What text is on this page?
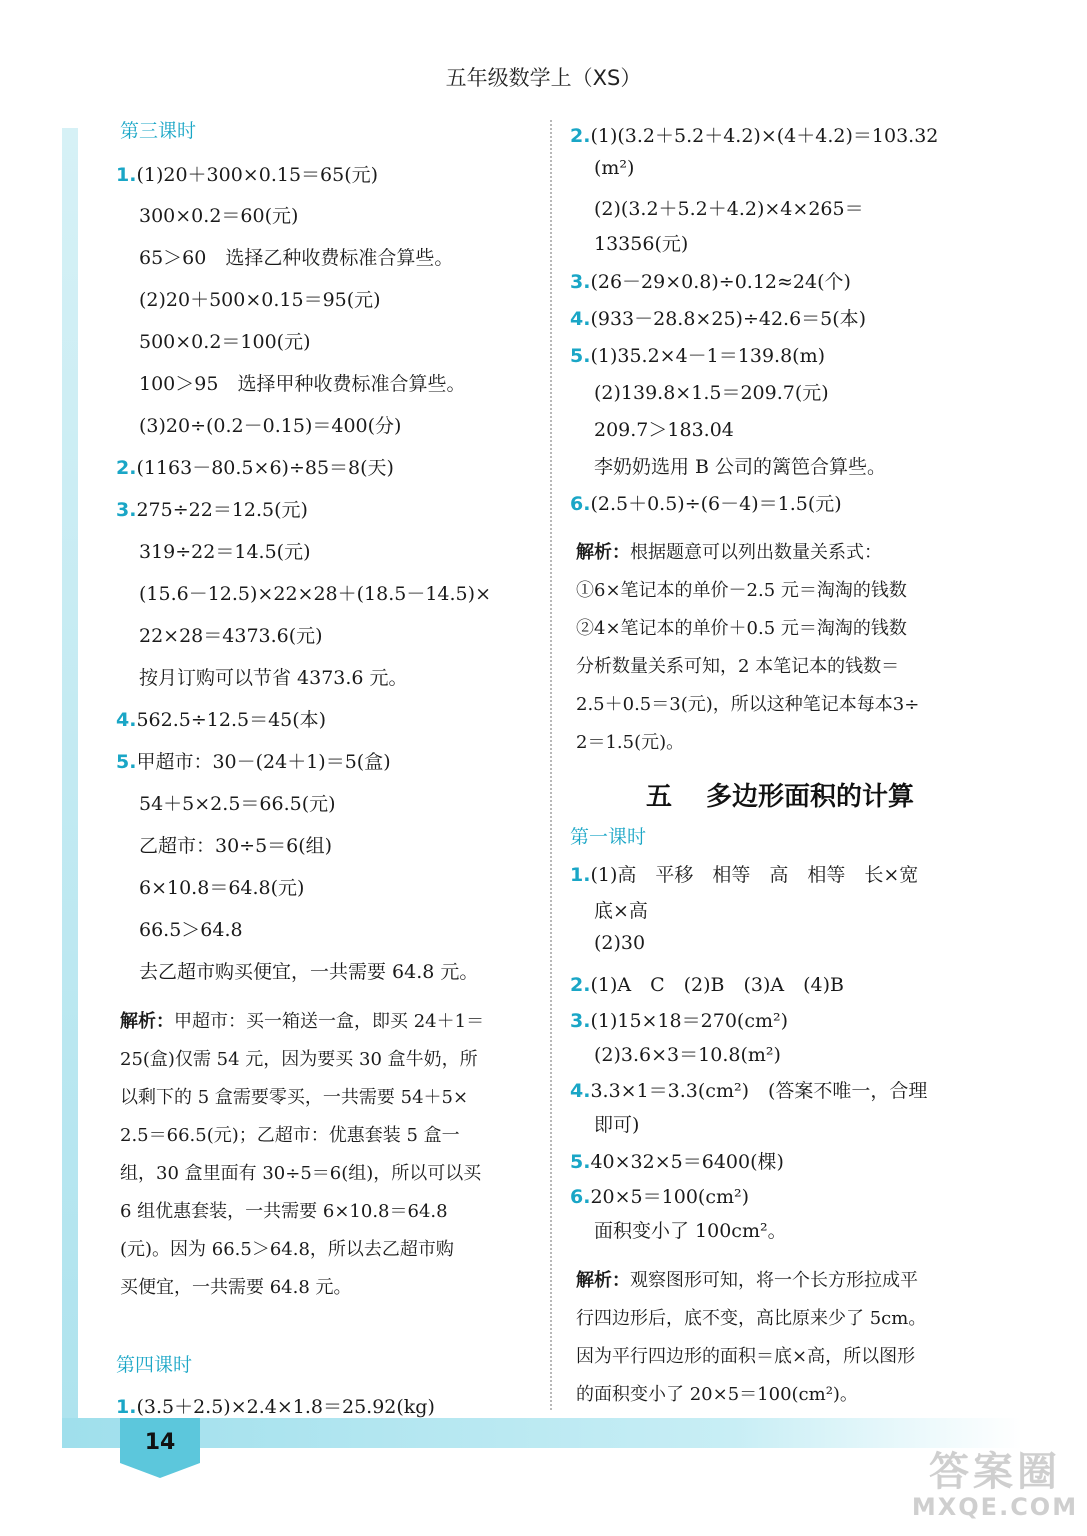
14
答案圈
MXQE.COM
五年级数学上（XS）
第三课时
1.(1)20＋300×0.15＝65(元)
300×0.2＝60(元)
65＞60　选择乙种收费标准合算些。
(2)20＋500×0.15＝95(元)
500×0.2＝100(元)
100＞95　选择甲种收费标准合算些。
(3)20÷(0.2－0.15)＝400(分)
2.(1163－80.5×6)÷85＝8(天)
3.275÷22＝12.5(元)
319÷22＝14.5(元)
(15.6－12.5)×22×28＋(18.5－14.5)×
22×28＝4373.6(元)
按月订购可以节省 4373.6 元。
4.562.5÷12.5＝45(本)
5.甲超市：30－(24＋1)＝5(盒)
54＋5×2.5＝66.5(元)
乙超市：30÷5＝6(组)
6×10.8＝64.8(元)
66.5＞64.8
去乙超市购买便宜，一共需要 64.8 元。
解析：甲超市：买一箱送一盒，即买 24＋1＝
25(盒)仅需 54 元，因为要买 30 盒牛奶，所
以剩下的 5 盒需要零买，一共需要 54＋5×
2.5＝66.5(元)；乙超市：优惠套装 5 盒一
组，30 盒里面有 30÷5＝6(组)，所以可以买
6 组优惠套装，一共需要 6×10.8＝64.8
(元)。因为 66.5＞64.8，所以去乙超市购
买便宜，一共需要 64.8 元。
第四课时
1.(3.5＋2.5)×2.4×1.8＝25.92(kg)
2.(1)(3.2＋5.2＋4.2)×(4＋4.2)＝103.32
(m²)
(2)(3.2＋5.2＋4.2)×4×265＝
13356(元)
3.(26－29×0.8)÷0.12≈24(个)
4.(933－28.8×25)÷42.6＝5(本)
5.(1)35.2×4－1＝139.8(m)
(2)139.8×1.5＝209.7(元)
209.7＞183.04
李奶奶选用 B 公司的篱笆合算些。
6.(2.5＋0.5)÷(6－4)＝1.5(元)
解析：根据题意可以列出数量关系式：
①6×笔记本的单价－2.5 元＝淘淘的钱数
②4×笔记本的单价＋0.5 元＝淘淘的钱数
分析数量关系可知，2 本笔记本的钱数＝
2.5＋0.5＝3(元)，所以这种笔记本每本3÷
2＝1.5(元)。
五 多边形面积的计算
第一课时
1.(1)高　平移　相等　高　相等　长×宽
底×高
(2)30
2.(1)A　C　(2)B　(3)A　(4)B
3.(1)15×18＝270(cm²)
(2)3.6×3＝10.8(m²)
4.3.3×1＝3.3(cm²)　(答案不唯一，合理
即可)
5.40×32×5＝6400(棵)
6.20×5＝100(cm²)
面积变小了 100cm²。
解析：观察图形可知，将一个长方形拉成平
行四边形后，底不变，高比原来少了 5cm。
因为平行四边形的面积＝底×高，所以图形
的面积变小了 20×5＝100(cm²)。
